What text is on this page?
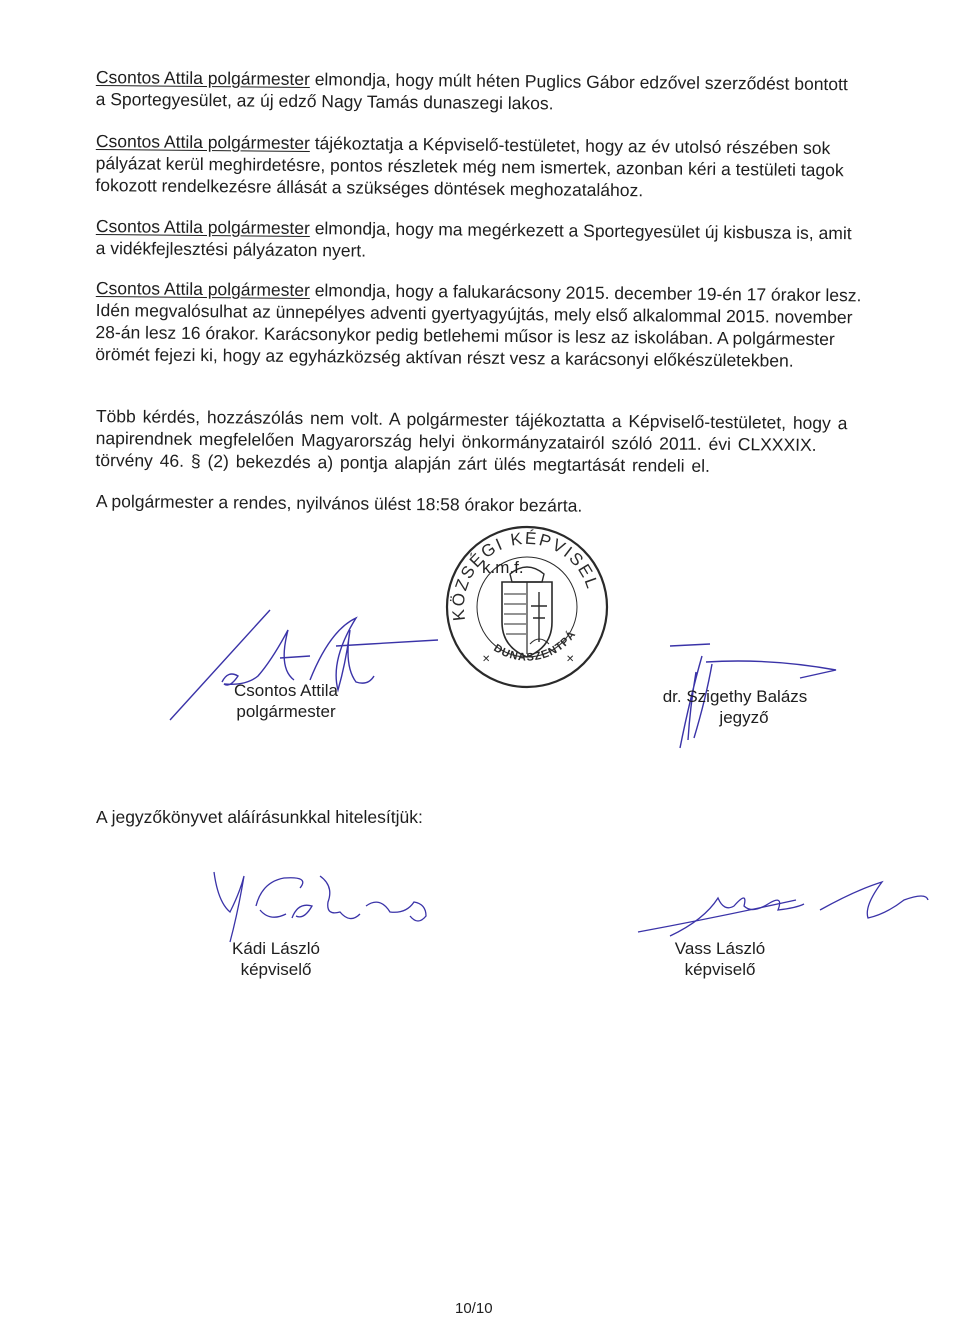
Csontos Attila polgármester elmondja, hogy múlt héten Puglics Gábor edzővel szerződést bontott
a Sportegyesület, az új edző Nagy Tamás dunaszegi lakos.
Csontos Attila polgármester tájékoztatja a Képviselő-testületet, hogy az év utolsó részében sok
pályázat kerül meghirdetésre, pontos részletek még nem ismertek, azonban kéri a testületi tagok
fokozott rendelkezésre állását a szükséges döntések meghozatalához.
Csontos Attila polgármester elmondja, hogy ma megérkezett a Sportegyesület új kisbusza is, amit
a vidékfejlesztési pályázaton nyert.
Csontos Attila polgármester elmondja, hogy a falukarácsony 2015. december 19-én 17 órakor lesz.
Idén megvalósulhat az ünnepélyes adventi gyertyagyújtás, mely első alkalommal 2015. november
28-án lesz 16 órakor. Karácsonykor pedig betlehemi műsor is lesz az iskolában. A polgármester
örömét fejezi ki, hogy az egyházközség aktívan részt vesz a karácsonyi előkészületekben.
Több kérdés, hozzászólás nem volt. A polgármester tájékoztatta a Képviselő-testületet, hogy a
napirendnek megfelelően Magyarország helyi önkormányzatairól szóló 2011. évi CLXXXIX.
törvény 46. § (2) bekezdés a) pontja alapján zárt ülés megtartását rendeli el.
A polgármester a rendes, nyilvános ülést 18:58 órakor bezárta.
KÖZSÉGI KÉPVISELŐTESTÜLET
DUNASZENTPÁ
✕	✕
k.m.f.
Csontos Attila
polgármester
dr. Szigethy Balázs
jegyző
A jegyzőkönyvet aláírásunkkal hitelesítjük:
Kádi László
képviselő
Vass László
képviselő
10/10
